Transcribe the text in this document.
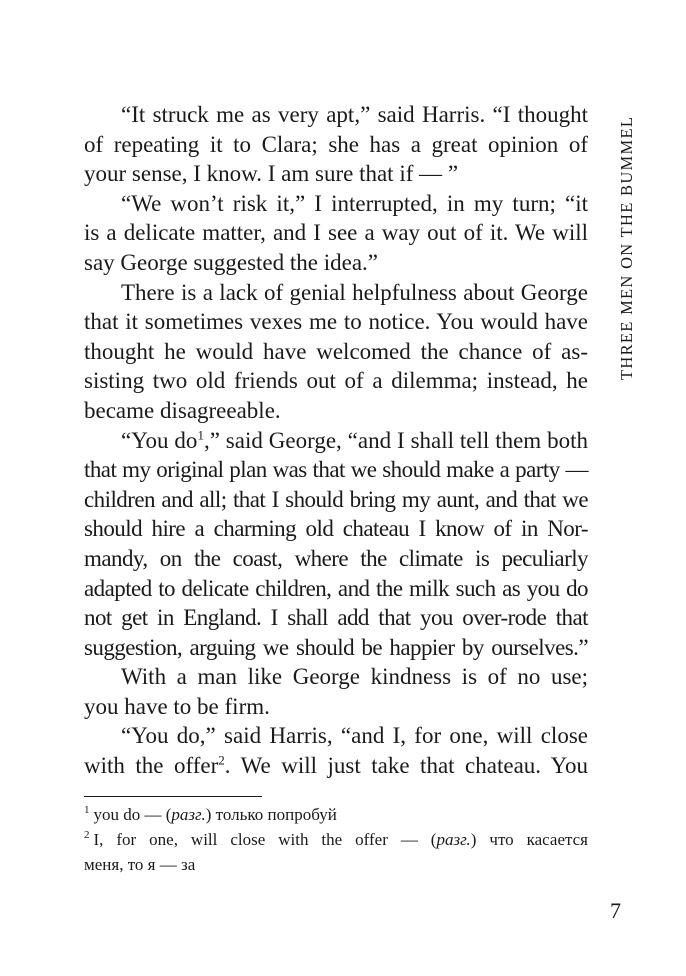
THREE MEN ON THE BUMMEL
“It struck me as very apt,” said Harris. “I thought
of repeating it to Clara; she has a great opinion of
your sense, I know. I am sure that if — ”
“We won’t risk it,” I interrupted, in my turn; “it
is a delicate matter, and I see a way out of it. We will
say George suggested the idea.”
There is a lack of genial helpfulness about George
that it sometimes vexes me to notice. You would have
thought he would have welcomed the chance of as-
sisting two old friends out of a dilemma; instead, he
became disagreeable.
“You $do^1$,” said George, “and I shall tell them both
that my original plan was that we should make a party —
children and all; that I should bring my aunt, and that we
should hire a charming old chateau I know of in Nor-
mandy, on the coast, where the climate is peculiarly
adapted to delicate children, and the milk such as you do
not get in England. I shall add that you over-rode that
suggestion, arguing we should be happier by ourselves.”
With a man like George kindness is of no use;
you have to be firm.
“You do,” said Harris, “and I, for one, will close
with the offer$^2$. We will just take that chateau. You
$^1$ you do — (разг.) только попробуй
$^2$ I, for one, will close with the offer — (разг.) что касается
меня, то я — за
7
